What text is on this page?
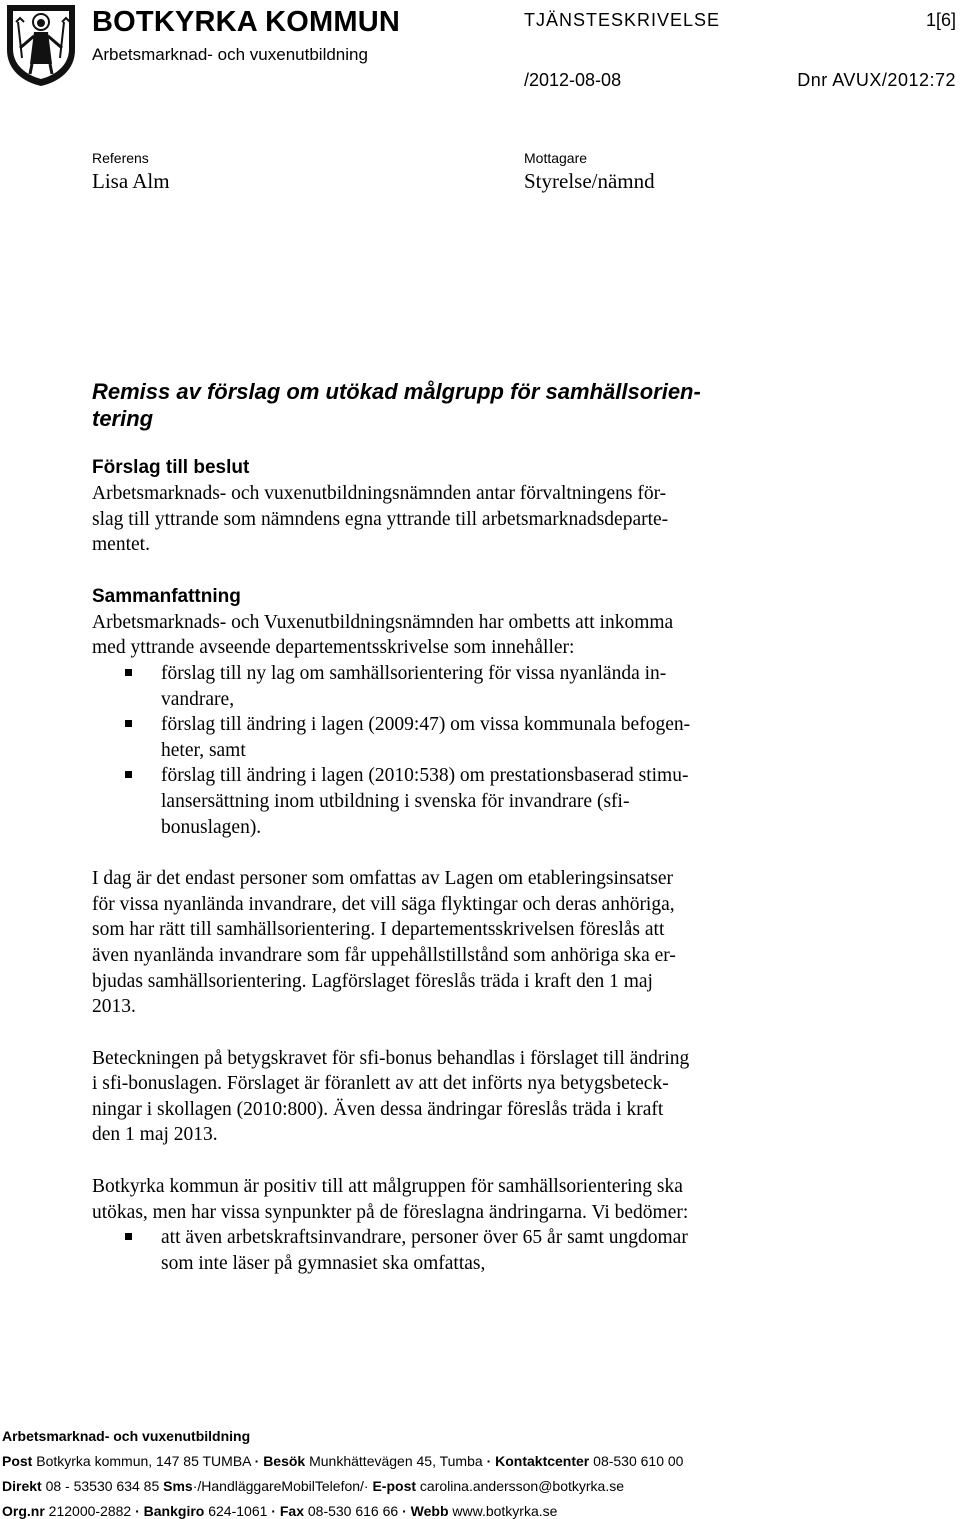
BOTKYRKA KOMMUN
Arbetsmarknad- och vuxenutbildning
TJÄNSTESKRIVELSE	1[6]
/2012-08-08	Dnr AVUX/2012:72
Referens
Lisa Alm
Mottagare
Styrelse/nämnd
Remiss av förslag om utökad målgrupp för samhällsorien-
tering
Förslag till beslut

Arbetsmarknads- och vuxenutbildningsnämnden antar förvaltningens för-
slag till yttrande som nämndens egna yttrande till arbetsmarknadsdeparte-
mentet.

Sammanfattning

Arbetsmarknads- och Vuxenutbildningsnämnden har ombetts att inkomma
med yttrande avseende departementsskrivelse som innehåller:

förslag till ny lag om samhällsorientering för vissa nyanlända in-
vandrare,
förslag till ändring i lagen (2009:47) om vissa kommunala befogen-
heter, samt
förslag till ändring i lagen (2010:538) om prestationsbaserad stimu-
lansersättning inom utbildning i svenska för invandrare (sfi-
bonuslagen).

I dag är det endast personer som omfattas av Lagen om etableringsinsatser
för vissa nyanlända invandrare, det vill säga flyktingar och deras anhöriga,
som har rätt till samhällsorientering. I departementsskrivelsen föreslås att
även nyanlända invandrare som får uppehållstillstånd som anhöriga ska er-
bjudas samhällsorientering. Lagförslaget föreslås träda i kraft den 1 maj
2013.

Beteckningen på betygskravet för sfi-bonus behandlas i förslaget till ändring
i sfi-bonuslagen. Förslaget är föranlett av att det införts nya betygsbeteck-
ningar i skollagen (2010:800). Även dessa ändringar föreslås träda i kraft
den 1 maj 2013.

Botkyrka kommun är positiv till att målgruppen för samhällsorientering ska
utökas, men har vissa synpunkter på de föreslagna ändringarna. Vi bedömer:

att även arbetskraftsinvandrare, personer över 65 år samt ungdomar
som inte läser på gymnasiet ska omfattas,
Arbetsmarknad- och vuxenutbildning
Post Botkyrka kommun, 147 85 TUMBA · Besök Munkhättevägen 45, Tumba · Kontaktcenter 08-530 610 00
Direkt 08 - 53530 634 85 Sms·/HandläggareMobilTelefon/· E-post carolina.andersson@botkyrka.se
Org.nr 212000-2882 · Bankgiro 624-1061 · Fax 08-530 616 66 · Webb www.botkyrka.se
